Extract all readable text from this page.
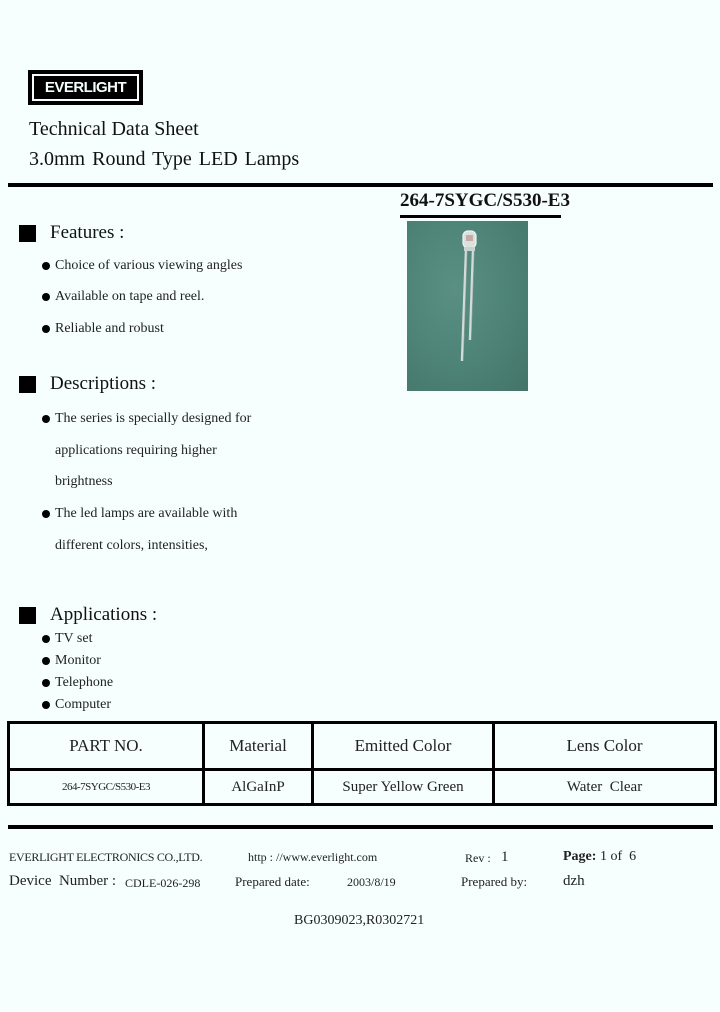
EVERLIGHT
Technical Data Sheet
3.0mm Round Type LED Lamps
264-7SYGC/S530-E3
Features :
Choice of various viewing angles
Available on tape and reel.
Reliable and robust
Descriptions :
The series is specially designed for
applications requiring higher
brightness
The led lamps are available with
different colors, intensities,
Applications :
TV set
Monitor
Telephone
Computer
PART NO.	Material	Emitted Color	Lens Color
264-7SYGC/S530-E3	AlGaInP	Super Yellow Green	Water  Clear
EVERLIGHT ELECTRONICS CO.,LTD.	http : //www.everlight.com	Rev : 1	Page: 1 of  6
Device  Number : CDLE-026-298	Prepared date:	2003/8/19	Prepared by: dzh
BG0309023,R0302721
